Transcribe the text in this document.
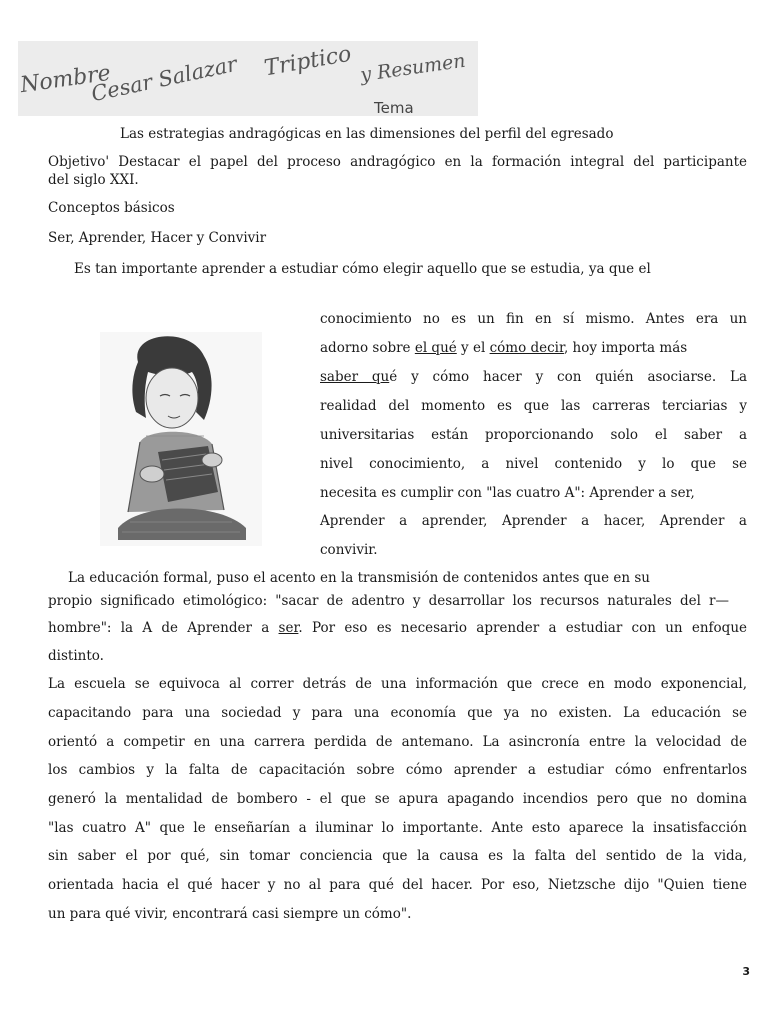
Nombre
Cesar Salazar Triptico y Resumen
Tema
Las estrategias andragógicas en las dimensiones del perfil del egresado
Objetivo' Destacar el papel del proceso andragógico en la formación integral del participante
del siglo XXI.
Conceptos básicos
Ser, Aprender, Hacer y Convivir
Es tan importante aprender a estudiar cómo elegir aquello que se estudia, ya que el
conocimiento no es un fin en sí mismo. Antes era un
adorno sobre el qué y el cómo decir, hoy importa más
saber qué y cómo hacer y con quién asociarse. La
realidad del momento es que las carreras terciarias y
universitarias están proporcionando solo el saber a
nivel conocimiento, a nivel contenido y lo que se
necesita es cumplir con "las cuatro A": Aprender a ser,
Aprender a aprender, Aprender a hacer, Aprender a
convivir.
La educación formal, puso el acento en la transmisión de contenidos antes que en su
propio significado etimológico: "sacar de adentro y desarrollar los recursos naturales del r—
hombre": la A de Aprender a ser. Por eso es necesario aprender a estudiar con un enfoque
distinto.
La escuela se equivoca al correr detrás de una información que crece en modo exponencial,
capacitando para una sociedad y para una economía que ya no existen. La educación se
orientó a competir en una carrera perdida de antemano. La asincronía entre la velocidad de
los cambios y la falta de capacitación sobre cómo aprender a estudiar cómo enfrentarlos
generó la mentalidad de bombero - el que se apura apagando incendios pero que no domina
"las cuatro A" que le enseñarían a iluminar lo importante. Ante esto aparece la insatisfacción
sin saber el por qué, sin tomar conciencia que la causa es la falta del sentido de la vida,
orientada hacia el qué hacer y no al para qué del hacer. Por eso, Nietzsche dijo "Quien tiene
un para qué vivir, encontrará casi siempre un cómo".
3
